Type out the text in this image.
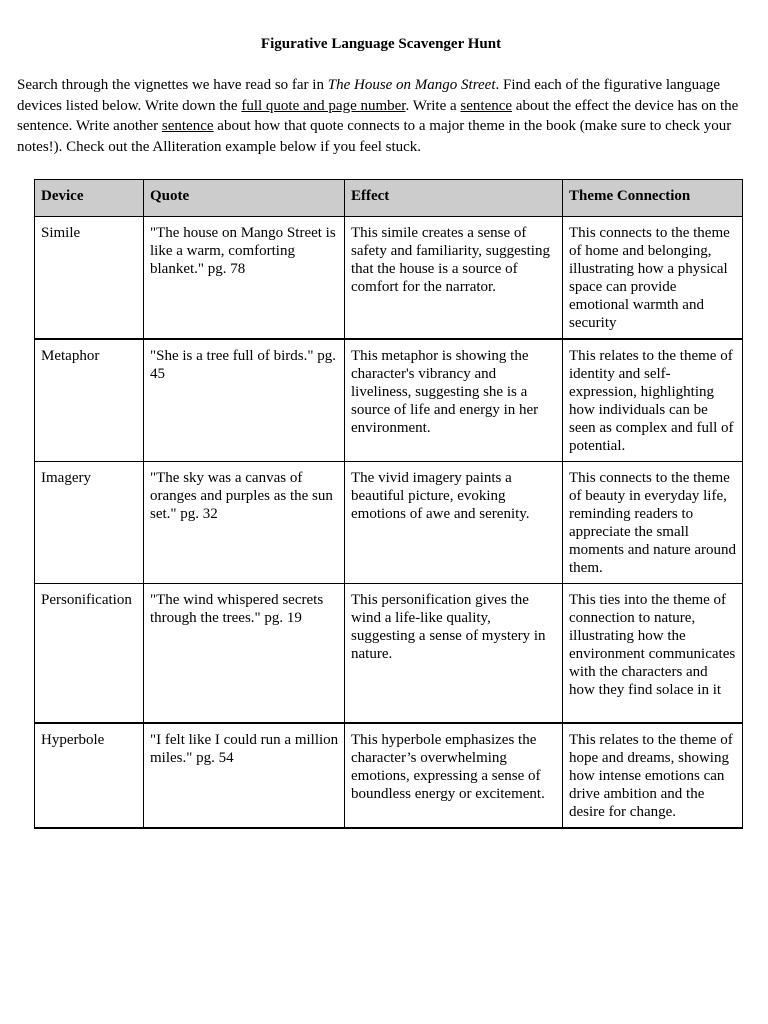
Figurative Language Scavenger Hunt

Search through the vignettes we have read so far in The House on Mango Street. Find each of the figurative language devices listed below. Write down the full quote and page number. Write a sentence about the effect the device has on the sentence. Write another sentence about how that quote connects to a major theme in the book (make sure to check your notes!). Check out the Alliteration example below if you feel stuck.

Device	Quote	Effect	Theme Connection
Simile	"The house on Mango Street is like a warm, comforting blanket." pg. 78	This simile creates a sense of safety and familiarity, suggesting that the house is a source of comfort for the narrator.	This connects to the theme of home and belonging, illustrating how a physical space can provide emotional warmth and security
Metaphor	"She is a tree full of birds." pg. 45	This metaphor is showing the character's vibrancy and liveliness, suggesting she is a source of life and energy in her environment.	This relates to the theme of identity and self-expression, highlighting how individuals can be seen as complex and full of potential.
Imagery	"The sky was a canvas of oranges and purples as the sun set." pg. 32	The vivid imagery paints a beautiful picture, evoking emotions of awe and serenity.	This connects to the theme of beauty in everyday life, reminding readers to appreciate the small moments and nature around them.
Personification	"The wind whispered secrets through the trees." pg. 19	This personification gives the wind a life-like quality, suggesting a sense of mystery in nature.	This ties into the theme of connection to nature, illustrating how the environment communicates with the characters and how they find solace in it
Hyperbole	"I felt like I could run a million miles." pg. 54	This hyperbole emphasizes the character’s overwhelming emotions, expressing a sense of boundless energy or excitement.	This relates to the theme of hope and dreams, showing how intense emotions can drive ambition and the desire for change.
